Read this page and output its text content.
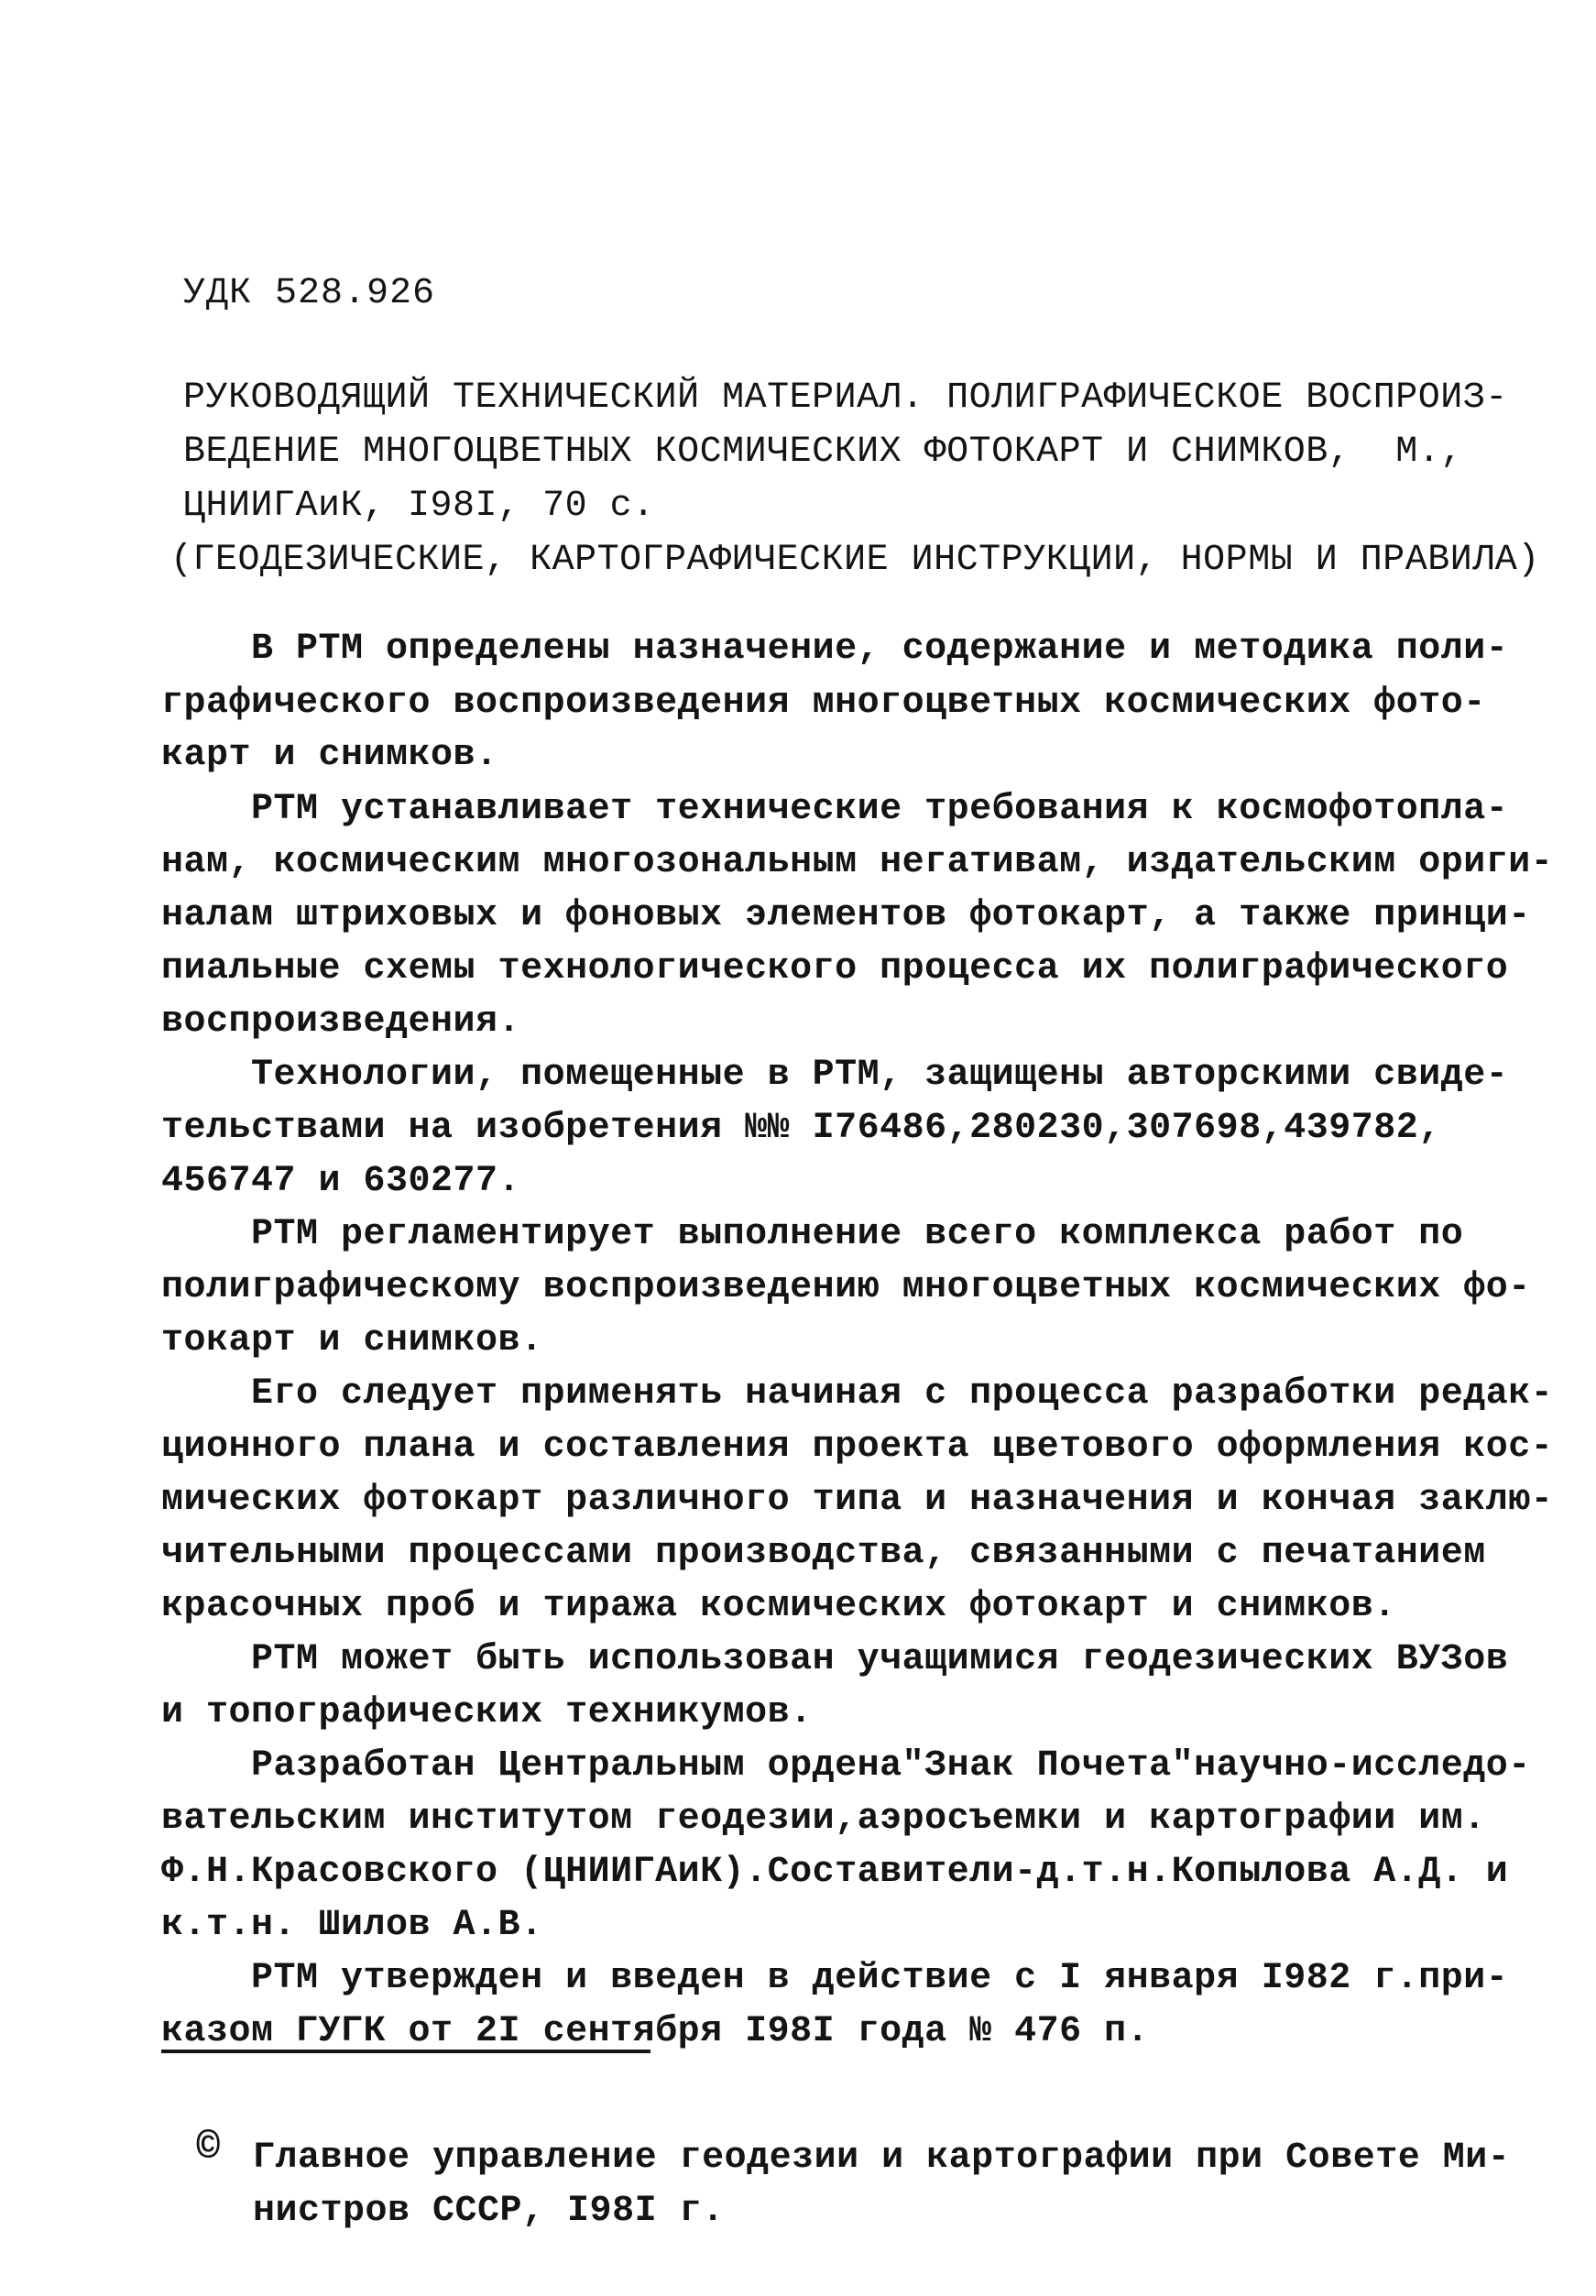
УДК 528.926
РУКОВОДЯЩИЙ ТЕХНИЧЕСКИЙ МАТЕРИАЛ. ПОЛИГРАФИЧЕСКОЕ ВОСПРОИЗ-
ВЕДЕНИЕ МНОГОЦВЕТНЫХ КОСМИЧЕСКИХ ФОТОКАРТ И СНИМКОВ,  М.,
ЦНИИГАиК, I98I, 70 с.
(ГЕОДЕЗИЧЕСКИЕ, КАРТОГРАФИЧЕСКИЕ ИНСТРУКЦИИ, НОРМЫ И ПРАВИЛА)
В РТМ определены назначение, содержание и методика поли-
графического воспроизведения многоцветных космических фото-
карт и снимков.
РТМ устанавливает технические требования к космофотопла-
нам, космическим многозональным негативам, издательским ориги-
налам штриховых и фоновых элементов фотокарт, а также принци-
пиальные схемы технологического процесса их полиграфического
воспроизведения.
Технологии, помещенные в РТМ, защищены авторскими свиде-
тельствами на изобретения №№ I76486,280230,307698,439782,
456747 и 630277.
РТМ регламентирует выполнение всего комплекса работ по
полиграфическому воспроизведению многоцветных космических фо-
токарт и снимков.
Его следует применять начиная с процесса разработки редак-
ционного плана и составления проекта цветового оформления кос-
мических фотокарт различного типа и назначения и кончая заклю-
чительными процессами производства, связанными с печатанием
красочных проб и тиража космических фотокарт и снимков.
РТМ может быть использован учащимися геодезических ВУЗов
и топографических техникумов.
Разработан Центральным ордена"Знак Почета"научно-исследо-
вательским институтом геодезии,аэросъемки и картографии им.
Ф.Н.Красовского (ЦНИИГАиК).Составители-д.т.н.Копылова А.Д. и
к.т.н. Шилов А.В.
РТМ утвержден и введен в действие с I января I982 г.при-
казом ГУГК от 2I сентября I98I года № 476 п.
© Главное управление геодезии и картографии при Совете Ми-
нистров СССР, I98I г.
